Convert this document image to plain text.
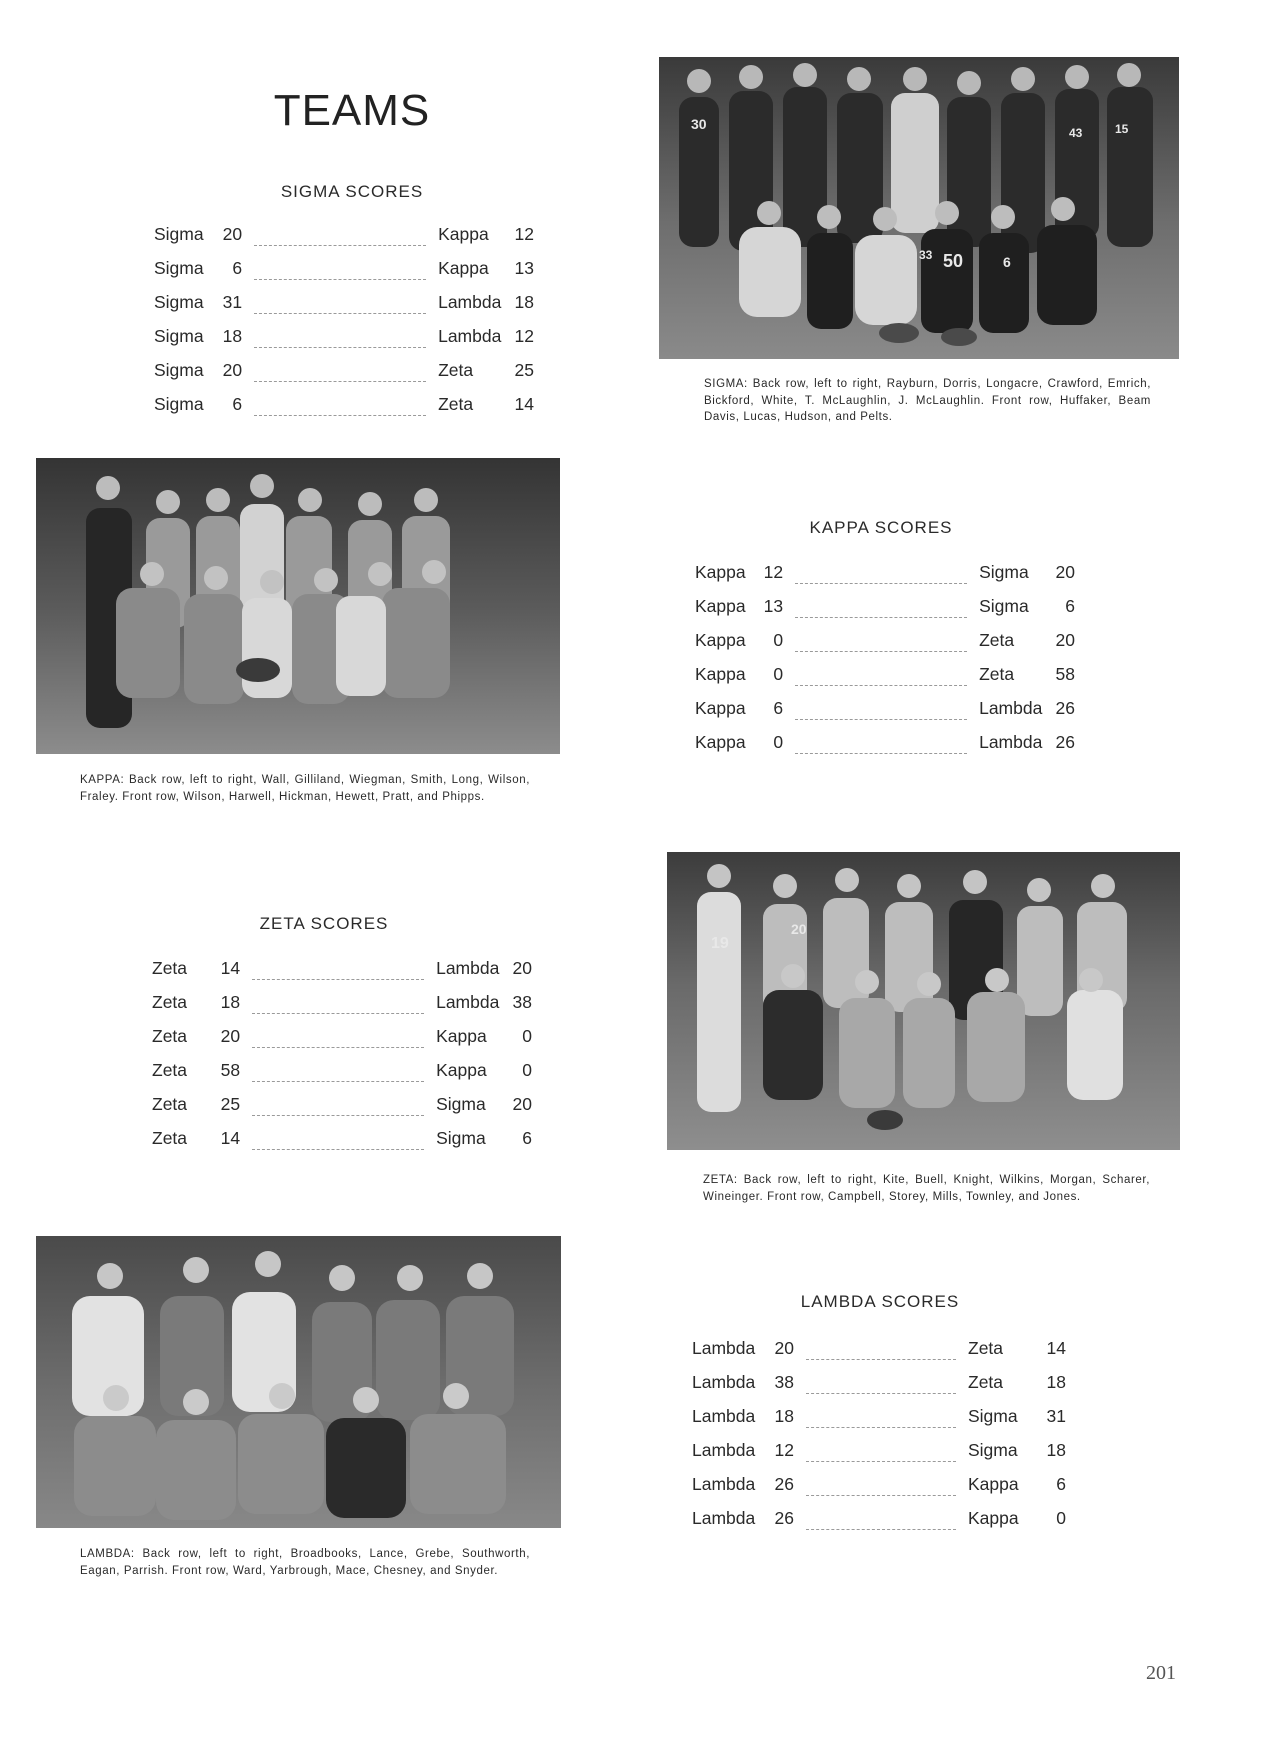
TEAMS
SIGMA SCORES
Sigma	20	Kappa	12
Sigma	6	Kappa	13
Sigma	31	Lambda 18
Sigma	18	Lambda 12
Sigma	20	Zeta	25
Sigma	6	Zeta	14
30
43	15
33 50	6
SIGMA: Back row, left to right, Rayburn, Dorris, Longacre, Crawford, Emrich, Bickford, White, T. McLaughlin, J. McLaughlin. Front row, Huffaker, Beam Davis, Lucas, Hudson, and Pelts.
KAPPA: Back row, left to right, Wall, Gilliland, Wiegman, Smith, Long, Wilson, Fraley. Front row, Wilson, Harwell, Hickman, Hewett, Pratt, and Phipps.
KAPPA SCORES
Kappa	12	Sigma	20
Kappa	13	Sigma	6
Kappa	0	Zeta	20
Kappa	0	Zeta	58
Kappa	6	Lambda 26
Kappa	0	Lambda 26
ZETA SCORES
Zeta	14	Lambda 20
Zeta	18	Lambda 38
Zeta	20	Kappa	0
Zeta	58	Kappa	0
Zeta	25	Sigma	20
Zeta	14	Sigma	6
19
20
ZETA: Back row, left to right, Kite, Buell, Knight, Wilkins, Morgan, Scharer, Wineinger. Front row, Campbell, Storey, Mills, Townley, and Jones.
LAMBDA: Back row, left to right, Broadbooks, Lance, Grebe, Southworth, Eagan, Parrish. Front row, Ward, Yarbrough, Mace, Chesney, and Snyder.
LAMBDA SCORES
Lambda	20	Zeta	14
Lambda	38	Zeta	18
Lambda	18	Sigma	31
Lambda	12	Sigma	18
Lambda	26	Kappa	6
Lambda	26	Kappa	0
201
